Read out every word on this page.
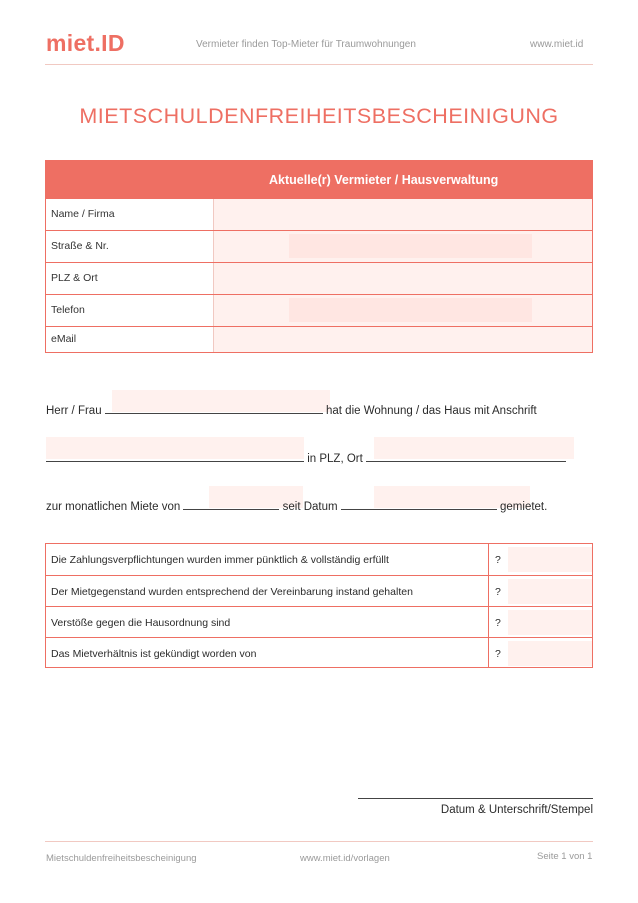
miet.ID	Vermieter finden Top-Mieter für Traumwohnungen	www.miet.id
MIETSCHULDENFREIHEITSBESCHEINIGUNG
Aktuelle(r) Vermieter / Hausverwaltung
Name / Firma
Straße & Nr.
PLZ & Ort
Telefon
eMail
Herr / Frau	hat die Wohnung / das Haus mit Anschrift
in PLZ, Ort
zur monatlichen Miete von	seit Datum	gemietet.
Die Zahlungsverpflichtungen wurden immer pünktlich & vollständig erfüllt	?
Der Mietgegenstand wurden entsprechend der Vereinbarung instand gehalten	?
Verstöße gegen die Hausordnung sind	?
Das Mietverhältnis ist gekündigt worden von	?
Datum & Unterschrift/Stempel
Mietschuldenfreiheitsbescheinigung	www.miet.id/vorlagen	Seite 1 von 1
